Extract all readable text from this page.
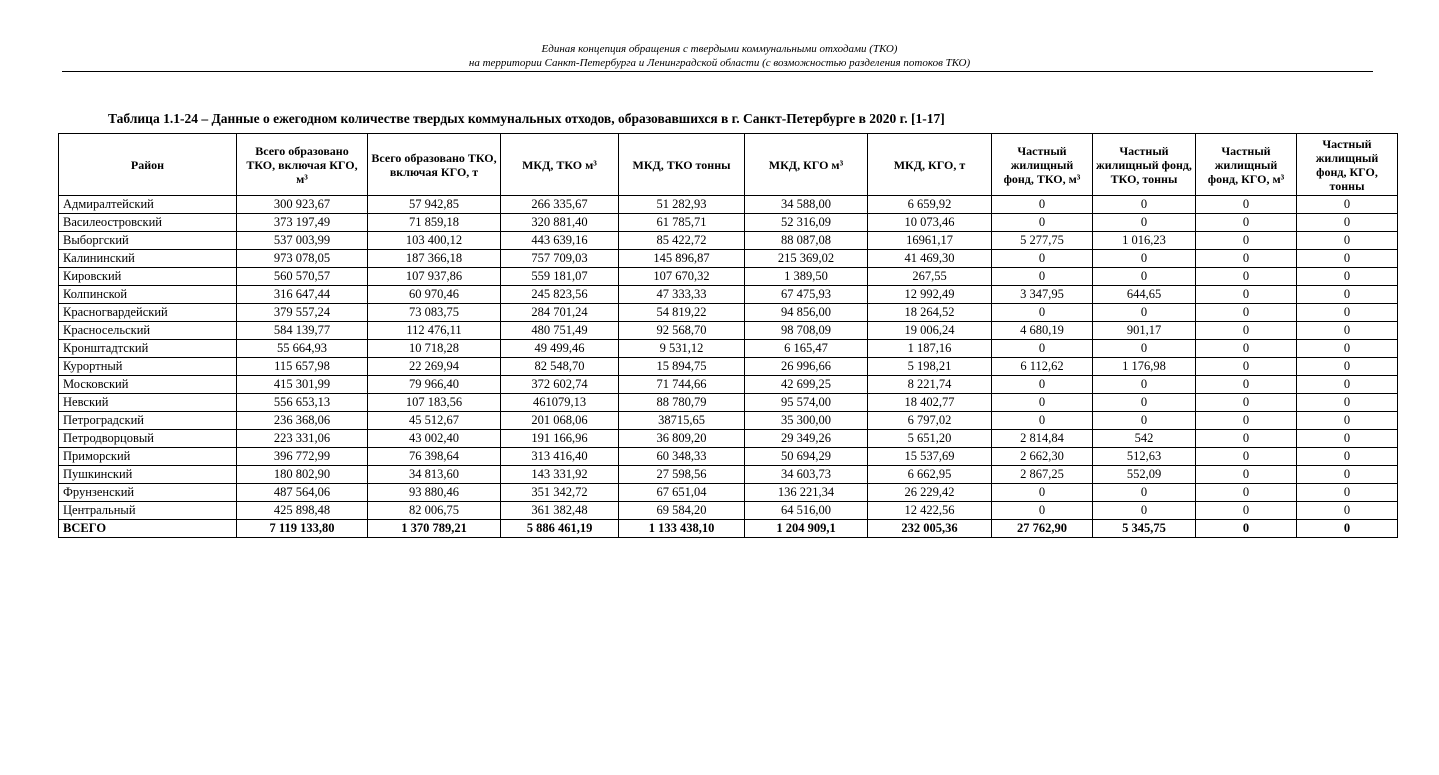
Единая концепция обращения с твердыми коммунальными отходами (ТКО)
на территории Санкт-Петербурга и Ленинградской области (с возможностью разделения потоков ТКО)
Таблица 1.1-24 – Данные о ежегодном количестве твердых коммунальных отходов, образовавшихся в г. Санкт-Петербурге в 2020 г. [1-17]
Район	Всего образовано ТКО, включая КГО, м³	Всего образовано ТКО, включая КГО, т	МКД, ТКО м³	МКД, ТКО тонны	МКД, КГО м³	МКД, КГО, т	Частный жилищный фонд, ТКО, м³	Частный жилищный фонд, ТКО, тонны	Частный жилищный фонд, КГО, м³	Частный жилищный фонд, КГО, тонны
Адмиралтейский	300 923,67	57 942,85	266 335,67	51 282,93	34 588,00	6 659,92	0	0	0	0
Василеостровский	373 197,49	71 859,18	320 881,40	61 785,71	52 316,09	10 073,46	0	0	0	0
Выборгский	537 003,99	103 400,12	443 639,16	85 422,72	88 087,08	16961,17	5 277,75	1 016,23	0	0
Калининский	973 078,05	187 366,18	757 709,03	145 896,87	215 369,02	41 469,30	0	0	0	0
Кировский	560 570,57	107 937,86	559 181,07	107 670,32	1 389,50	267,55	0	0	0	0
Колпинской	316 647,44	60 970,46	245 823,56	47 333,33	67 475,93	12 992,49	3 347,95	644,65	0	0
Красногвардейский	379 557,24	73 083,75	284 701,24	54 819,22	94 856,00	18 264,52	0	0	0	0
Красносельский	584 139,77	112 476,11	480 751,49	92 568,70	98 708,09	19 006,24	4 680,19	901,17	0	0
Кронштадтский	55 664,93	10 718,28	49 499,46	9 531,12	6 165,47	1 187,16	0	0	0	0
Курортный	115 657,98	22 269,94	82 548,70	15 894,75	26 996,66	5 198,21	6 112,62	1 176,98	0	0
Московский	415 301,99	79 966,40	372 602,74	71 744,66	42 699,25	8 221,74	0	0	0	0
Невский	556 653,13	107 183,56	461079,13	88 780,79	95 574,00	18 402,77	0	0	0	0
Петроградский	236 368,06	45 512,67	201 068,06	38715,65	35 300,00	6 797,02	0	0	0	0
Петродворцовый	223 331,06	43 002,40	191 166,96	36 809,20	29 349,26	5 651,20	2 814,84	542	0	0
Приморский	396 772,99	76 398,64	313 416,40	60 348,33	50 694,29	15 537,69	2 662,30	512,63	0	0
Пушкинский	180 802,90	34 813,60	143 331,92	27 598,56	34 603,73	6 662,95	2 867,25	552,09	0	0
Фрунзенский	487 564,06	93 880,46	351 342,72	67 651,04	136 221,34	26 229,42	0	0	0	0
Центральный	425 898,48	82 006,75	361 382,48	69 584,20	64 516,00	12 422,56	0	0	0	0
ВСЕГО	7 119 133,80	1 370 789,21	5 886 461,19	1 133 438,10	1 204 909,1	232 005,36	27 762,90	5 345,75	0	0
